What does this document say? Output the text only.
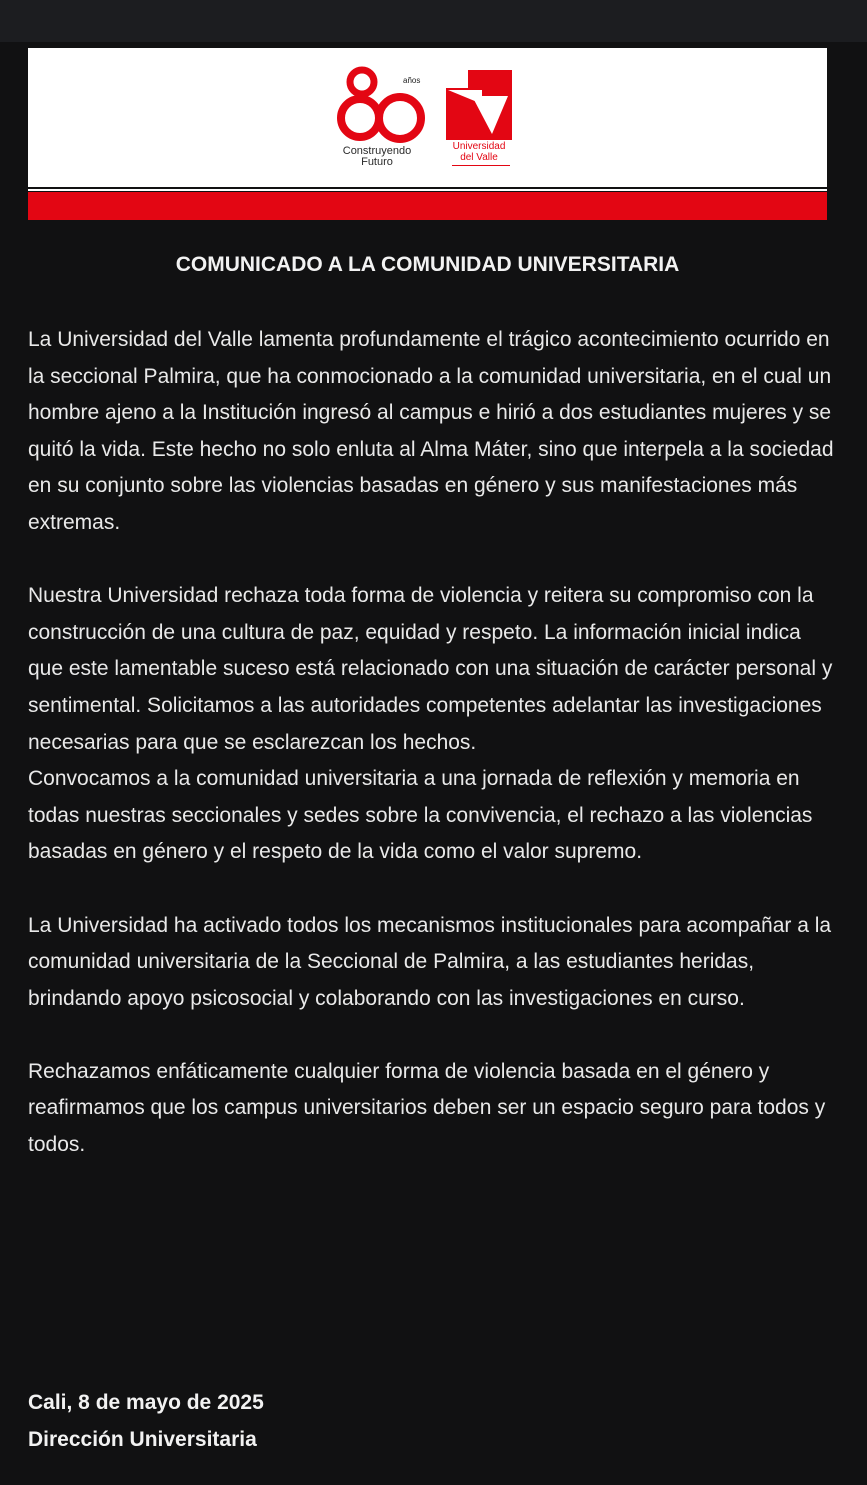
años
Construyendo
Futuro
Universidad
del Valle
COMUNICADO A LA COMUNIDAD UNIVERSITARIA

La Universidad del Valle lamenta profundamente el trágico acontecimiento ocurrido en la seccional Palmira, que ha conmocionado a la comunidad universitaria, en el cual un hombre ajeno a la Institución ingresó al campus e hirió a dos estudiantes mujeres y se quitó la vida. Este hecho no solo enluta al Alma Máter, sino que interpela a la sociedad en su conjunto sobre las violencias basadas en género y sus manifestaciones más extremas.

Nuestra Universidad rechaza toda forma de violencia y reitera su compromiso con la construcción de una cultura de paz, equidad y respeto. La información inicial indica que este lamentable suceso está relacionado con una situación de carácter personal y sentimental. Solicitamos a las autoridades competentes adelantar las investigaciones necesarias para que se esclarezcan los hechos.

Convocamos a la comunidad universitaria a una jornada de reflexión y memoria en todas nuestras seccionales y sedes sobre la convivencia, el rechazo a las violencias basadas en género y el respeto de la vida como el valor supremo.

La Universidad ha activado todos los mecanismos institucionales para acompañar a la comunidad universitaria de la Seccional de Palmira, a las estudiantes heridas, brindando apoyo psicosocial y colaborando con las investigaciones en curso.

Rechazamos enfáticamente cualquier forma de violencia basada en el género y reafirmamos que los campus universitarios deben ser un espacio seguro para todos y todos.

Cali, 8 de mayo de 2025
Dirección Universitaria
